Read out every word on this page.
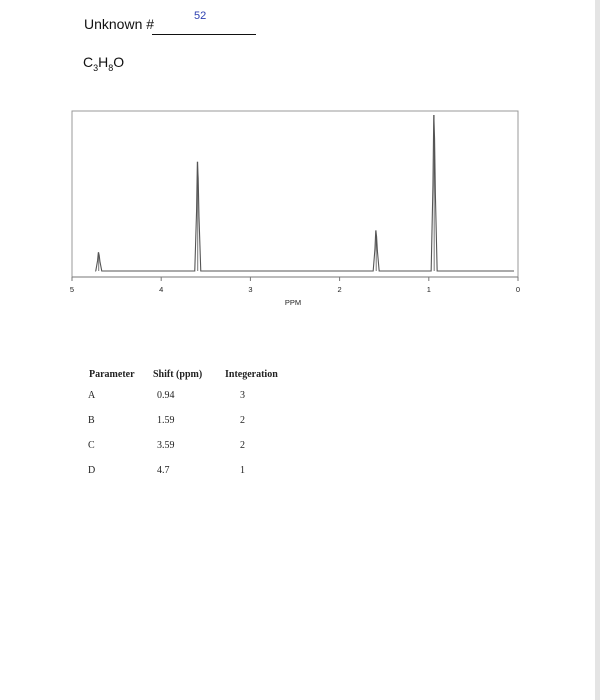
Unknown #	52
$C_3H_8O$
5	4	3	2	1	0
PPM
Parameter	Shift (ppm)	Integeration
A	0.94	3
B	1.59	2
C	3.59	2
D	4.7	1
